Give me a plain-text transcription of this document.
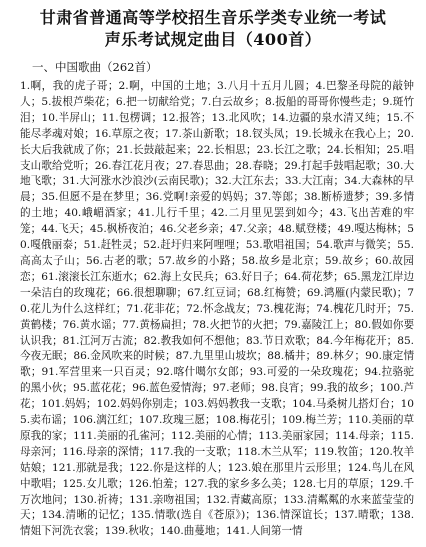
甘肃省普通高等学校招生音乐学类专业统一考试
声乐考试规定曲目（400首）
一、中国歌曲（262首）
1.啊，我的虎子哥；2.啊，中国的土地；3.八月十五月儿圆；4.巴黎圣母院的敲钟人；5.拔根芦柴花；6.把一切献给党；7.白云故乡；8.扳船的哥哥你慢些走；9.斑竹泪；10.半屏山；11.包楞调；12.报答；13.北风吹；14.边疆的泉水清又纯；15.不能尽孝魂对娘；16.草原之夜；17.茶山新歌；18.钗头凤；19.长城永在我心上；20.长大后我就成了你；21.长鼓敲起来；22.长相思；23.长江之歌；24.长相知；25.唱支山歌给党听；26.春江花月夜；27.春思曲；28.春晓；29.打起手鼓唱起歌；30.大地飞歌；31.大河涨水沙浪沙(云南民歌)；32.大江东去；33.大江南；34.大森林的早晨；35.但愿不是在梦里；36.党啊!亲爱的妈妈；37.等郎；38.断桥遗梦；39.多情的土地；40.峨嵋酒家；41.儿行千里；42.二月里见罢到如今；43.飞出苦难的牢笼；44.飞天；45.枫桥夜泊；46.父老乡亲；47.父亲；48.赋登楼；49.嘎达梅林；50.嘎俄丽泰；51.赶牲灵；52.赶圩归来阿哩哩；53.歌唱祖国；54.歌声与微笑；55.高高太子山；56.古老的歌；57.故乡的小路；58.故乡是北京；59.故乡；60.故园恋；61.滚滚长江东逝水；62.海上女民兵；63.好日子；64.荷花梦；65.黑龙江岸边一朵洁白的玫瑰花；66.很想聊聊；67.红豆词；68.红梅赞；69.鸿雁(内蒙民歌)；70.花儿为什么这样红；71.花非花；72.怀念战友；73.槐花海；74.槐花几时开；75.黄鹤楼；76.黄水谣；77.黄杨扁担；78.火把节的火把；79.嘉陵江上；80.假如你要认识我；81.江河万古流；82.教我如何不想他；83.节日欢歌；84.今年梅花开；85.今夜无眠；86.金风吹来的时候；87.九里里山坡坎；88.橘井；89.林夕；90.康定情歌；91.军营里来一只百灵；92.喀什噶尔女郎；93.可爱的一朵玫瑰花；94.拉骆驼的黑小伙；95.蓝花花；96.蓝色爱情海；97.老师；98.良宵；99.我的故乡；100.芦花；101.妈妈；102.妈妈你别走；103.妈妈教我一支歌；104.马桑树儿搭灯台；105.卖布谣；106.漓江红；107.玫瑰三愿；108.梅花引；109.梅兰芳；110.美丽的草原我的家；111.美丽的孔雀河；112.美丽的心情；113.美丽家园；114.母亲；115.母亲河；116.母亲的深情；117.我的一支歌；118.木兰从军；119.牧笛；120.牧羊姑娘；121.那就是我；122.你是这样的人；123.娘在那里片云形里；124.鸟儿在风中歌唱；125.女儿歌；126.怕羞；127.我的家乡多么美；128.七月的草原；129.千万次地问；130.祈祷；131.亲吻祖国；132.青藏高原；133.清粼粼的水来蓝莹莹的天；134.清晰的记忆；135.情歌(选自《苍原》)；136.情深谊长；137.晴歌；138.情姐下河洗衣裳；139.秋收；140.曲蔓地；141.人间第一情
